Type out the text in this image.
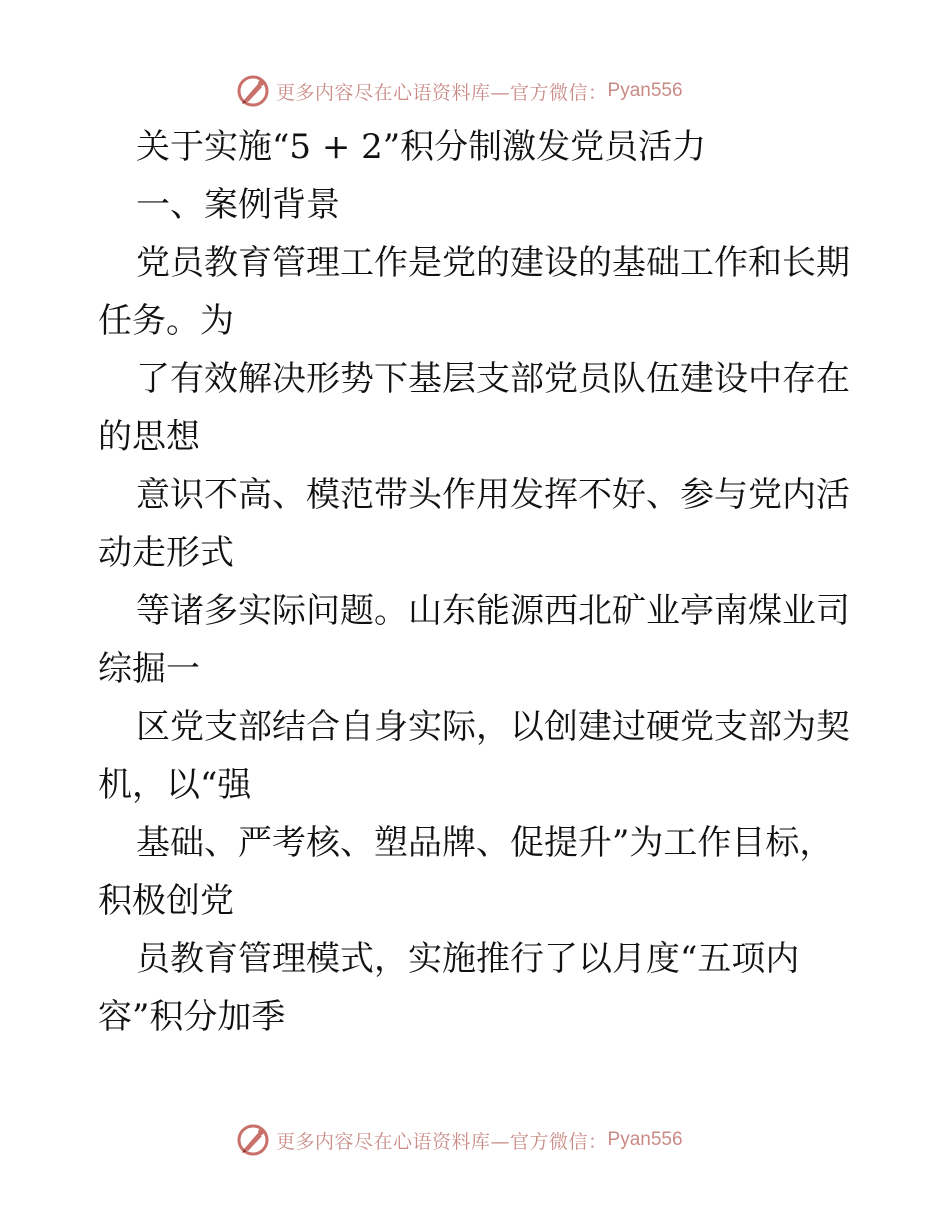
更多内容尽在心语资料库—官方微信： Pyan556
关于实施“5 + 2”积分制激发党员活力
一、案例背景
党员教育管理工作是党的建设的基础工作和长期
任务。为
了有效解决形势下基层支部党员队伍建设中存在
的思想
意识不高、模范带头作用发挥不好、参与党内活
动走形式
等诸多实际问题。山东能源西北矿业亭南煤业司
综掘一
区党支部结合自身实际，以创建过硬党支部为契
机，以“强
基础、严考核、塑品牌、促提升”为工作目标，
积极创党
员教育管理模式，实施推行了以月度“五项内
容”积分加季
更多内容尽在心语资料库—官方微信： Pyan556
